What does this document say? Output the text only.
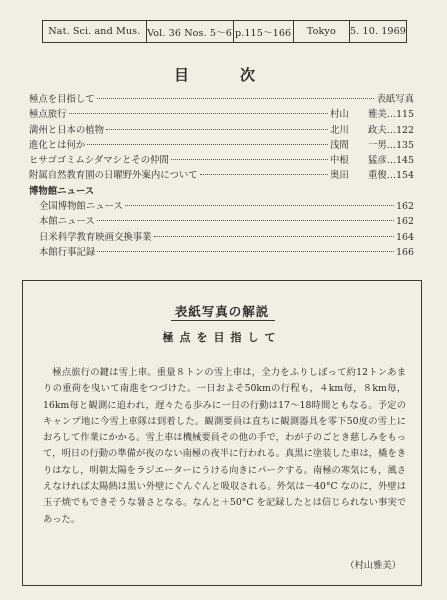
Nat. Sci. and Mus. Vol. 36 Nos. 5〜6 p.115〜166	Tokyo	5. 10. 1969
目　次
極点を目指して	表紙写真
極点旅行	村山	雅美…115
満州と日本の植物	北川	政夫…122
進化とは何か	浅間	一男…135
ヒサゴゴミムシダマシとその仲間	中根	猛彦…145
附属自然教育園の日曜野外案内について	奥田	重俊…154
博物館ニュース
全国博物館ニュース	162
本館ニュース	162
日米科学教育映画交換事業	164
本館行事記録	166
表紙写真の解説
極点を目指して

極点旅行の鍵は雪上車。重量８トンの雪上車は，全力をふりしぼって約12トンあまりの重荷を曳いて南進をつづけた。一日およそ50kmの行程も，４km毎，８km毎，16km毎と観測に追われ，遅々たる歩みに一日の行動は17〜18時間ともなる。予定のキャンプ地に今雪上車隊は到着した。観測要員は直ちに観測器具を零下50度の雪上におろして作業にかかる。雪上車は機械要員その他の手で，わが子のごとき慈しみをもって，明日の行動の準備が夜のない南極の夜半に行われる。真黒に塗装した車は，橇をきりはなし，明朝太陽をラジエーターにうける向きにパークする。南極の寒気にも，風さえなければ太陽熱は黒い外壁にぐんぐんと吸収される。外気は－40°C なのに，外壁は玉子焼でもできそうな暑さとなる。なんと＋50°C を記録したとは信じられない事実であった。

（村山雅美）
